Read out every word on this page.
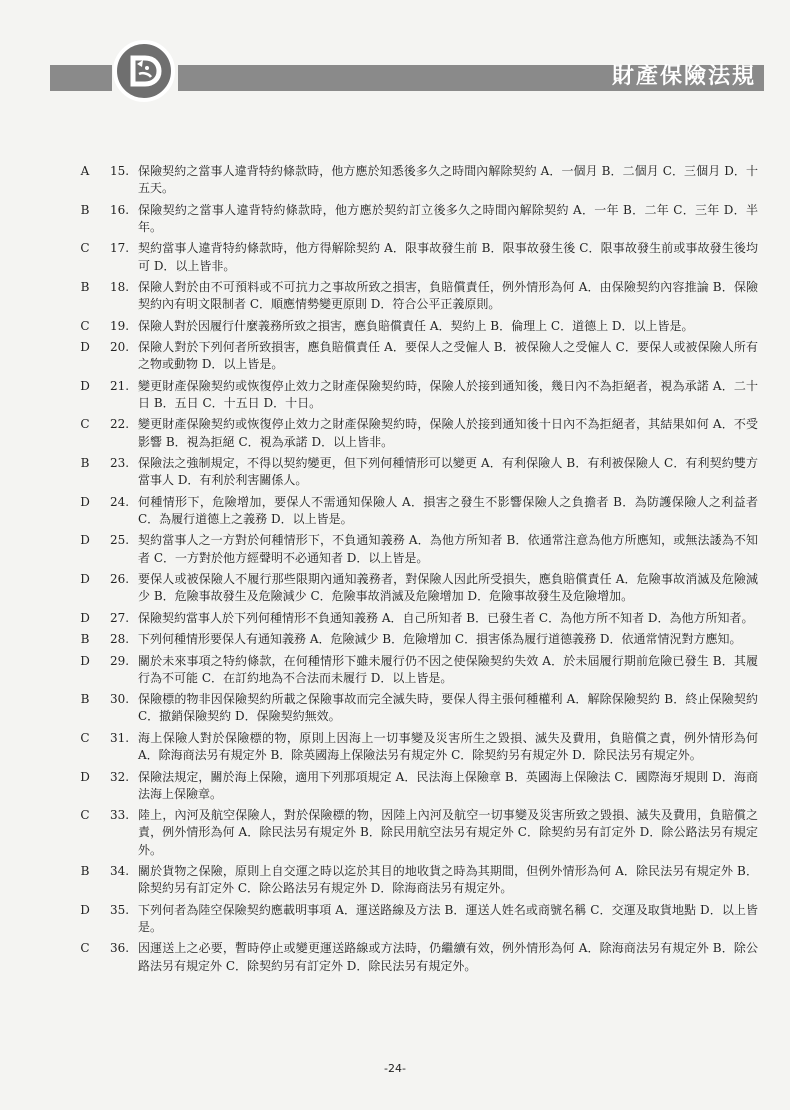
財產保險法規
A 15. 保險契約之當事人違背特約條款時，他方應於知悉後多久之時間內解除契約 A．一個月 B．二個月 C．三個月 D．十五天。
B 16. 保險契約之當事人違背特約條款時，他方應於契約訂立後多久之時間內解除契約 A．一年 B．二年 C．三年 D．半年。
C 17. 契約當事人違背特約條款時，他方得解除契約 A．限事故發生前 B．限事故發生後 C．限事故發生前或事故發生後均可 D．以上皆非。
B 18. 保險人對於由不可預料或不可抗力之事故所致之損害，負賠償責任，例外情形為何 A．由保險契約內容推論 B．保險契約內有明文限制者 C．順應情勢變更原則 D．符合公平正義原則。
C 19. 保險人對於因履行什麼義務所致之損害，應負賠償責任 A．契約上 B．倫理上 C．道德上 D．以上皆是。
D 20. 保險人對於下列何者所致損害，應負賠償責任 A．要保人之受僱人 B．被保險人之受僱人 C．要保人或被保險人所有之物或動物 D．以上皆是。
D 21. 變更財產保險契約或恢復停止效力之財產保險契約時，保險人於接到通知後，幾日內不為拒絕者，視為承諾 A．二十日 B．五日 C．十五日 D．十日。
C 22. 變更財產保險契約或恢復停止效力之財產保險契約時，保險人於接到通知後十日內不為拒絕者，其結果如何 A．不受影響 B．視為拒絕 C．視為承諾 D．以上皆非。
B 23. 保險法之強制規定，不得以契約變更，但下列何種情形可以變更 A．有利保險人 B．有利被保險人 C．有利契約雙方當事人 D．有利於利害關係人。
D 24. 何種情形下，危險增加，要保人不需通知保險人 A．損害之發生不影響保險人之負擔者 B．為防護保險人之利益者 C．為履行道德上之義務 D．以上皆是。
D 25. 契約當事人之一方對於何種情形下，不負通知義務 A．為他方所知者 B．依通常注意為他方所應知，或無法諉為不知者 C．一方對於他方經聲明不必通知者 D．以上皆是。
D 26. 要保人或被保險人不履行那些限期內通知義務者，對保險人因此所受損失，應負賠償責任 A．危險事故消滅及危險減少 B．危險事故發生及危險減少 C．危險事故消滅及危險增加 D．危險事故發生及危險增加。
D 27. 保險契約當事人於下列何種情形不負通知義務 A．自己所知者 B．已發生者 C．為他方所不知者 D．為他方所知者。
B 28. 下列何種情形要保人有通知義務 A．危險減少 B．危險增加 C．損害係為履行道德義務 D．依通常情況對方應知。
D 29. 關於未來事項之特約條款，在何種情形下雖未履行仍不因之使保險契約失效 A．於未屆履行期前危險已發生 B．其履行為不可能 C．在訂約地為不合法而未履行 D．以上皆是。
B 30. 保險標的物非因保險契約所載之保險事故而完全滅失時，要保人得主張何種權利 A．解除保險契約 B．終止保險契約 C．撤銷保險契約 D．保險契約無效。
C 31. 海上保險人對於保險標的物，原則上因海上一切事變及災害所生之毀損、滅失及費用，負賠償之責，例外情形為何 A．除海商法另有規定外 B．除英國海上保險法另有規定外 C．除契約另有規定外 D．除民法另有規定外。
D 32. 保險法規定，關於海上保險，適用下列那項規定 A．民法海上保險章 B．英國海上保險法 C．國際海牙規則 D．海商法海上保險章。
C 33. 陸上，內河及航空保險人，對於保險標的物，因陸上內河及航空一切事變及災害所致之毀損、滅失及費用，負賠償之責，例外情形為何 A．除民法另有規定外 B．除民用航空法另有規定外 C．除契約另有訂定外 D．除公路法另有規定外。
B 34. 關於貨物之保險，原則上自交運之時以迄於其目的地收貨之時為其期間，但例外情形為何 A．除民法另有規定外 B．除契約另有訂定外 C．除公路法另有規定外 D．除海商法另有規定外。
D 35. 下列何者為陸空保險契約應載明事項 A．運送路線及方法 B．運送人姓名或商號名稱 C．交運及取貨地點 D．以上皆是。
C 36. 因運送上之必要，暫時停止或變更運送路線或方法時，仍繼續有效，例外情形為何 A．除海商法另有規定外 B．除公路法另有規定外 C．除契約另有訂定外 D．除民法另有規定外。
-24-
